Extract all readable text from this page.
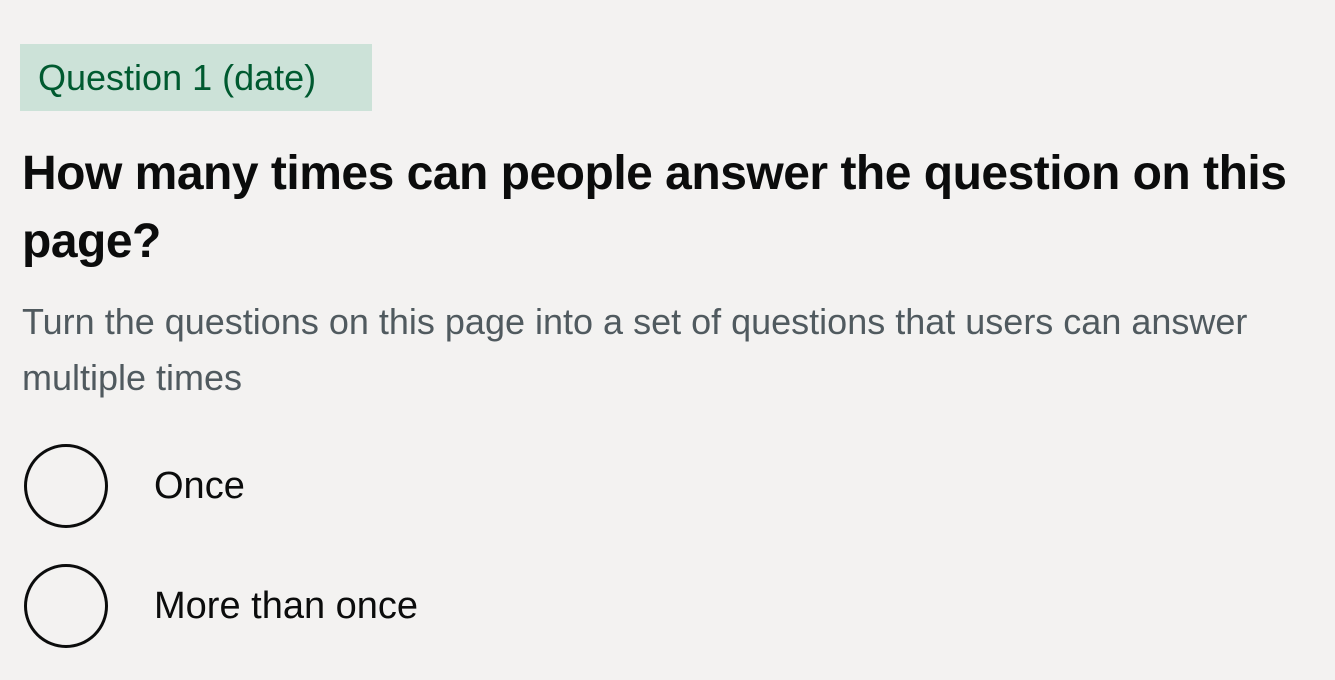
Question 1 (date)
How many times can people answer the question on this page?

Turn the questions on this page into a set of questions that users can answer multiple times

Once
More than once
